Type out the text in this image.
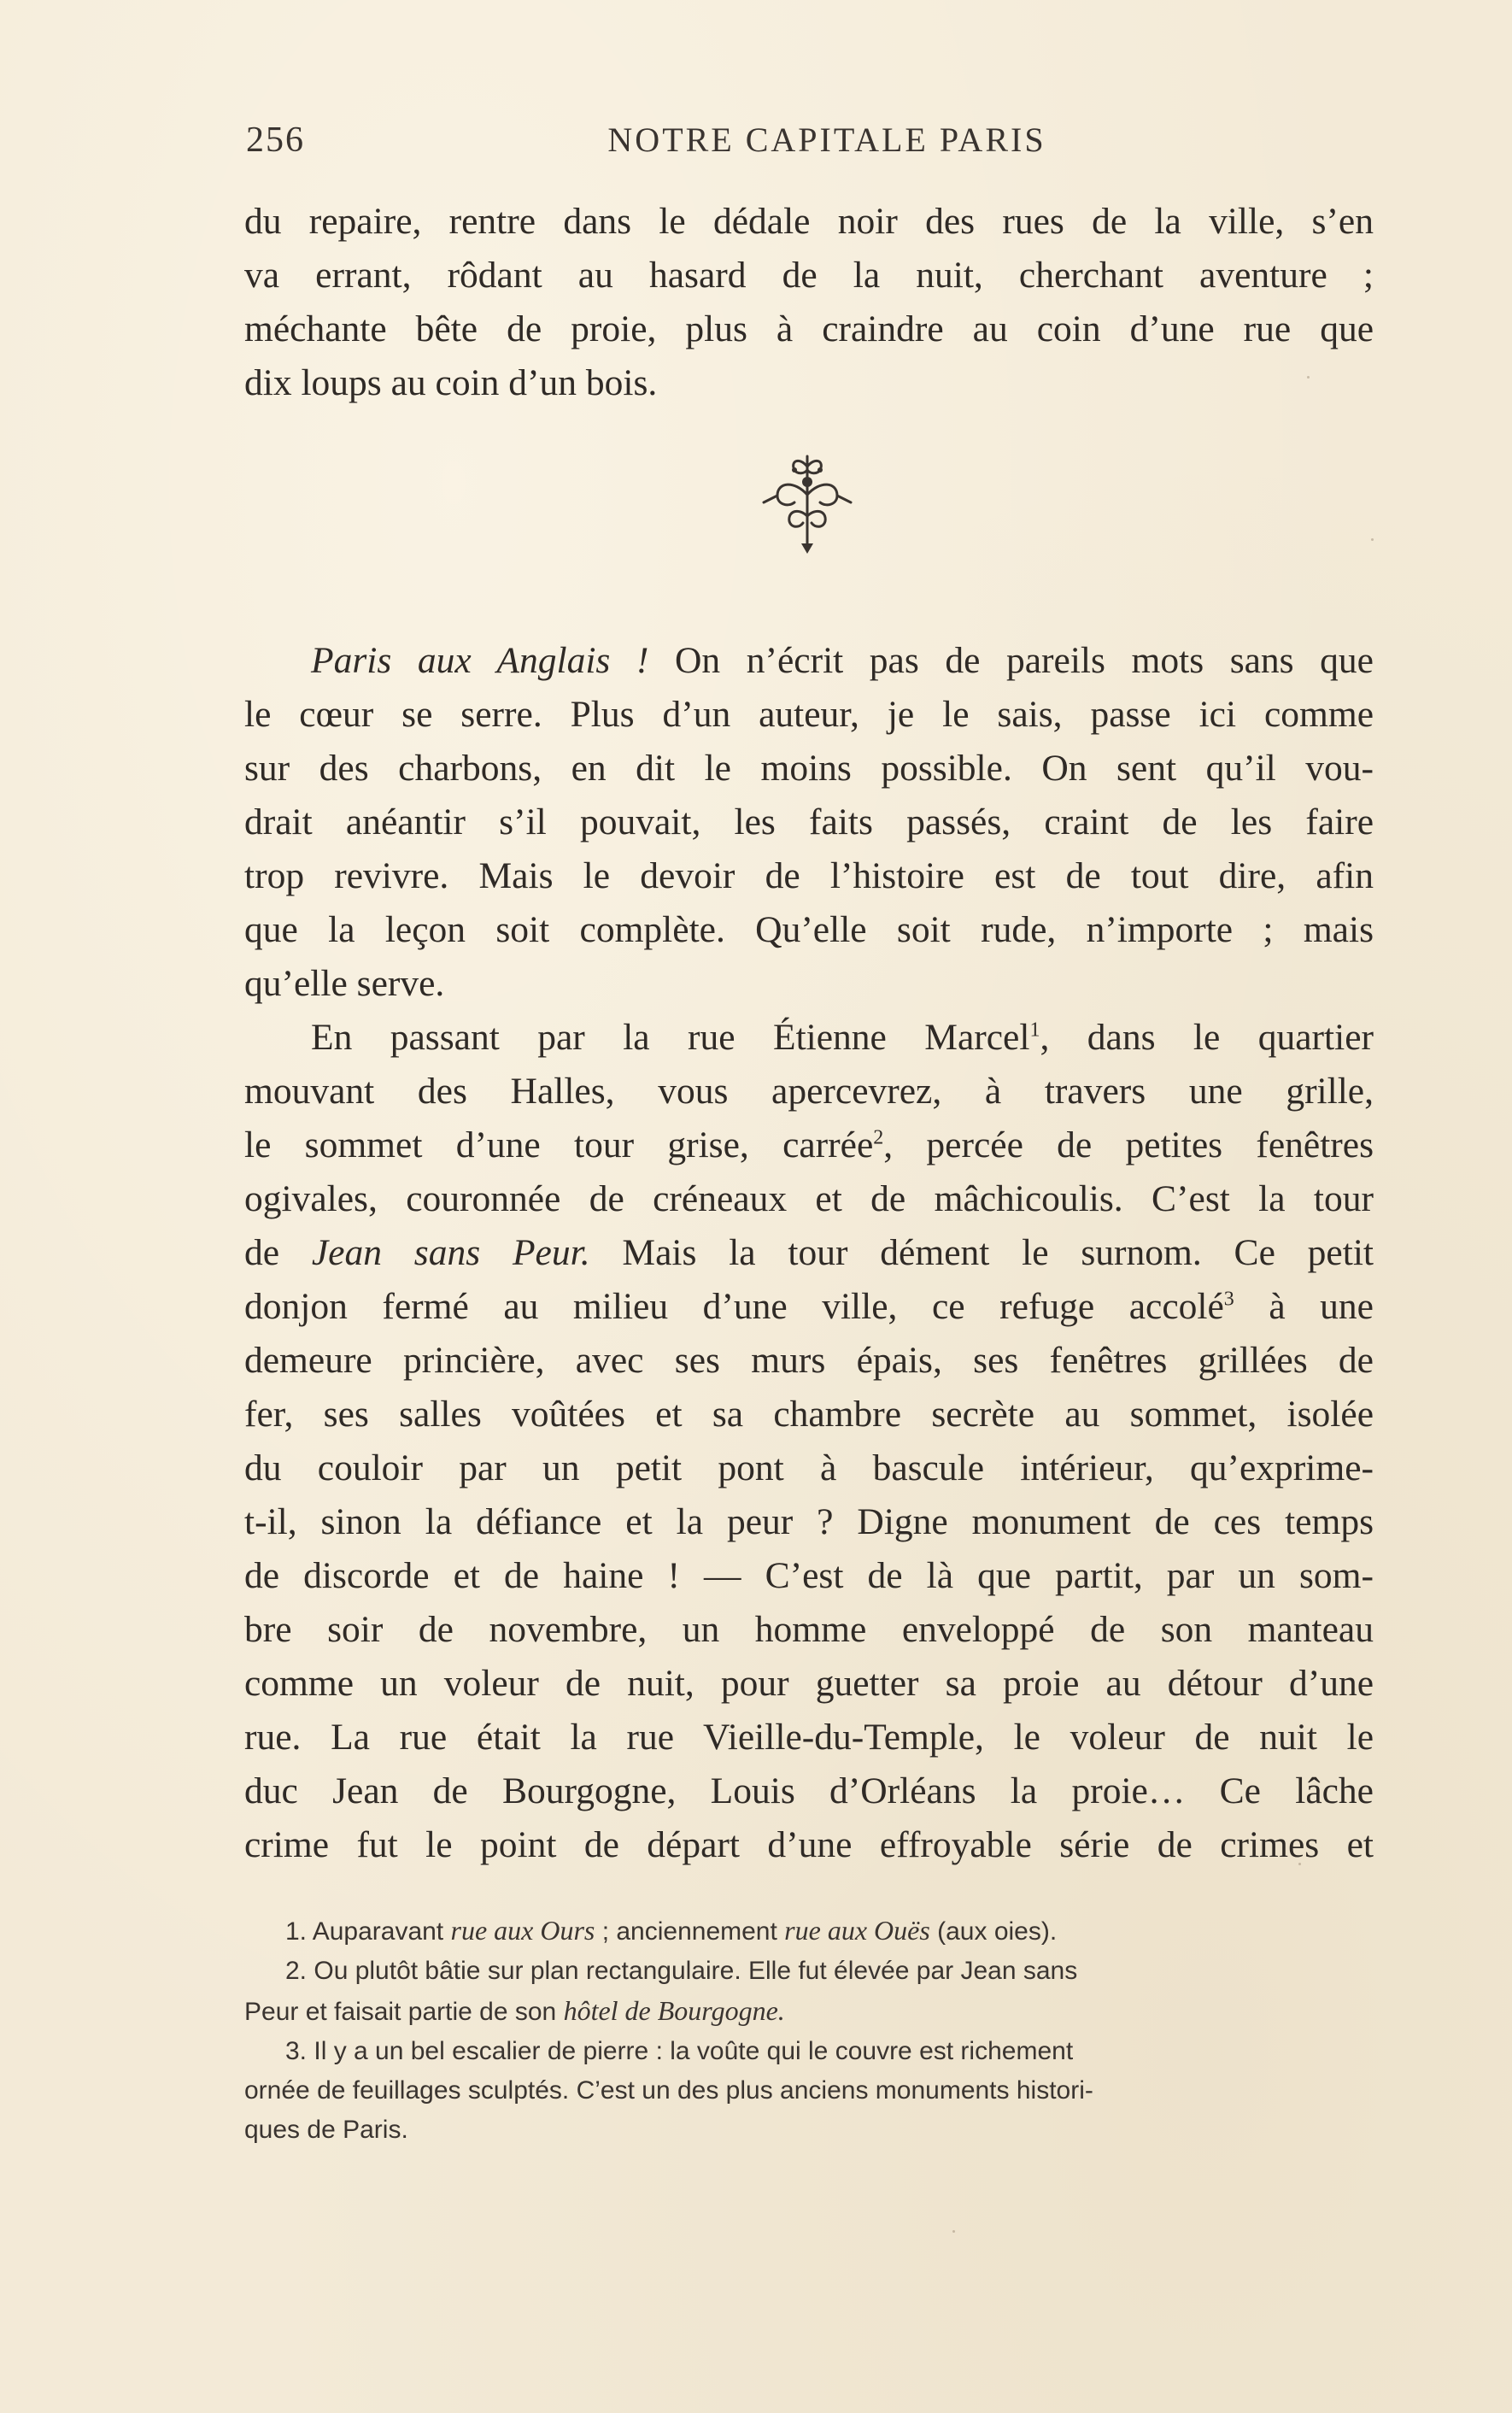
256	NOTRE CAPITALE PARIS
du repaire, rentre dans le dédale noir des rues de la ville, s’en
va errant, rôdant au hasard de la nuit, cherchant aventure ;
méchante bête de proie, plus à craindre au coin d’une rue que
dix loups au coin d’un bois.
Paris aux Anglais ! On n’écrit pas de pareils mots sans que
le cœur se serre. Plus d’un auteur, je le sais, passe ici comme
sur des charbons, en dit le moins possible. On sent qu’il vou-
drait anéantir s’il pouvait, les faits passés, craint de les faire
trop revivre. Mais le devoir de l’histoire est de tout dire, afin
que la leçon soit complète. Qu’elle soit rude, n’importe ; mais
qu’elle serve.
En passant par la rue Étienne Marcel$^1$, dans le quartier
mouvant des Halles, vous apercevrez, à travers une grille,
le sommet d’une tour grise, carrée$^2$, percée de petites fenêtres
ogivales, couronnée de créneaux et de mâchicoulis. C’est la tour
de Jean sans Peur. Mais la tour dément le surnom. Ce petit
donjon fermé au milieu d’une ville, ce refuge accolé$^3$ à une
demeure princière, avec ses murs épais, ses fenêtres grillées de
fer, ses salles voûtées et sa chambre secrète au sommet, isolée
du couloir par un petit pont à bascule intérieur, qu’exprime-
t-il, sinon la défiance et la peur ? Digne monument de ces temps
de discorde et de haine ! — C’est de là que partit, par un som-
bre soir de novembre, un homme enveloppé de son manteau
comme un voleur de nuit, pour guetter sa proie au détour d’une
rue. La rue était la rue Vieille-du-Temple, le voleur de nuit le
duc Jean de Bourgogne, Louis d’Orléans la proie… Ce lâche
crime fut le point de départ d’une effroyable série de crimes et
1. Auparavant rue aux Ours ; anciennement rue aux Ouës (aux oies).
2. Ou plutôt bâtie sur plan rectangulaire. Elle fut élevée par Jean sans
Peur et faisait partie de son hôtel de Bourgogne.
3. Il y a un bel escalier de pierre : la voûte qui le couvre est richement
ornée de feuillages sculptés. C’est un des plus anciens monuments histori-
ques de Paris.
